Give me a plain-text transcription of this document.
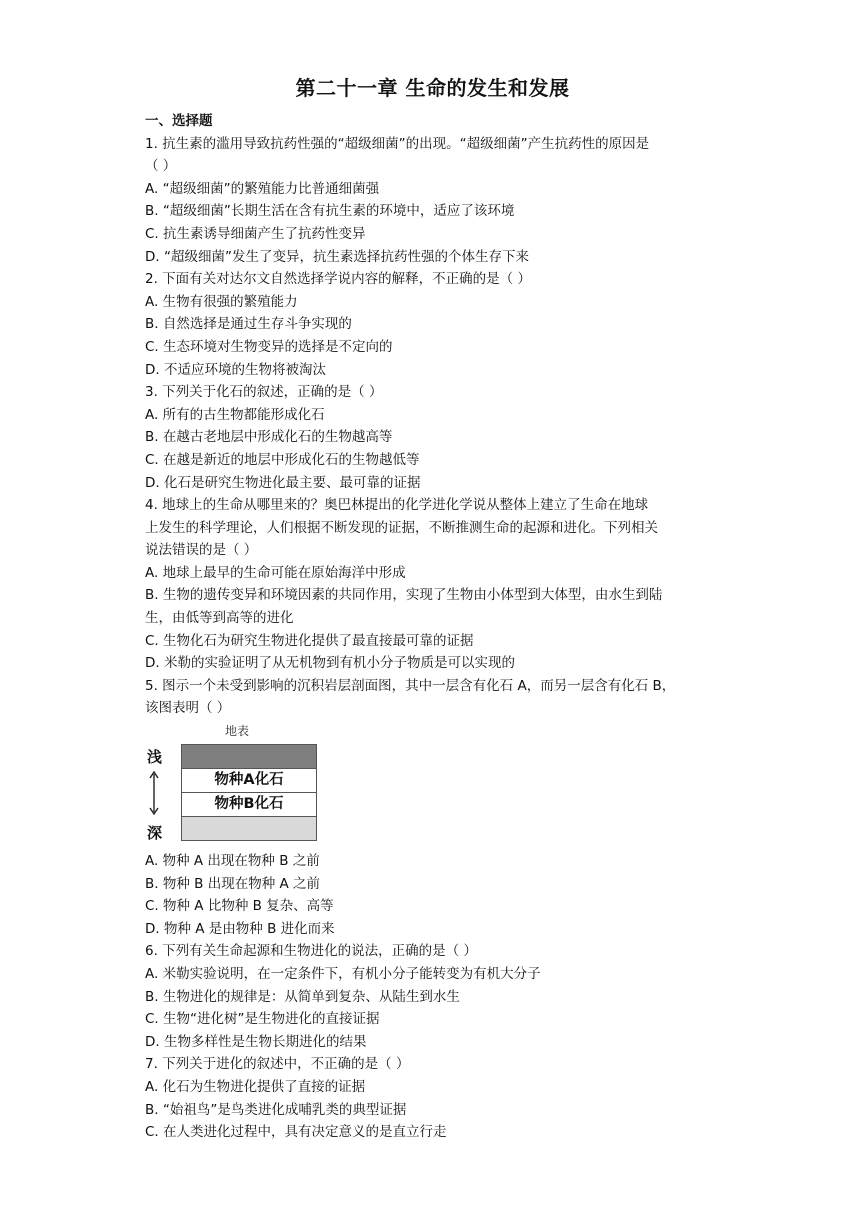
第二十一章 生命的发生和发展
一、选择题
1. 抗生素的滥用导致抗药性强的“超级细菌”的出现。“超级细菌”产生抗药性的原因是
（ ）
A. “超级细菌”的繁殖能力比普通细菌强
B. “超级细菌”长期生活在含有抗生素的环境中，适应了该环境
C. 抗生素诱导细菌产生了抗药性变异
D. “超级细菌”发生了变异，抗生素选择抗药性强的个体生存下来
2. 下面有关对达尔文自然选择学说内容的解释，不正确的是（ ）
A. 生物有很强的繁殖能力
B. 自然选择是通过生存斗争实现的
C. 生态环境对生物变异的选择是不定向的
D. 不适应环境的生物将被淘汰
3. 下列关于化石的叙述，正确的是（ ）
A. 所有的古生物都能形成化石
B. 在越古老地层中形成化石的生物越高等
C. 在越是新近的地层中形成化石的生物越低等
D. 化石是研究生物进化最主要、最可靠的证据
4. 地球上的生命从哪里来的？奥巴林提出的化学进化学说从整体上建立了生命在地球
上发生的科学理论，人们根据不断发现的证据，不断推测生命的起源和进化。下列相关
说法错误的是（ ）
A. 地球上最早的生命可能在原始海洋中形成
B. 生物的遗传变异和环境因素的共同作用，实现了生物由小体型到大体型，由水生到陆
生，由低等到高等的进化
C. 生物化石为研究生物进化提供了最直接最可靠的证据
D. 米勒的实验证明了从无机物到有机小分子物质是可以实现的
5. 图示一个未受到影响的沉积岩层剖面图，其中一层含有化石 A，而另一层含有化石 B，
该图表明（ ）
地表
浅
深
物种A化石
物种B化石
A. 物种 A 出现在物种 B 之前
B. 物种 B 出现在物种 A 之前
C. 物种 A 比物种 B 复杂、高等
D. 物种 A 是由物种 B 进化而来
6. 下列有关生命起源和生物进化的说法，正确的是（ ）
A. 米勒实验说明，在一定条件下，有机小分子能转变为有机大分子
B. 生物进化的规律是：从简单到复杂、从陆生到水生
C. 生物“进化树”是生物进化的直接证据
D. 生物多样性是生物长期进化的结果
7. 下列关于进化的叙述中，不正确的是（ ）
A. 化石为生物进化提供了直接的证据
B. “始祖鸟”是鸟类进化成哺乳类的典型证据
C. 在人类进化过程中，具有决定意义的是直立行走
